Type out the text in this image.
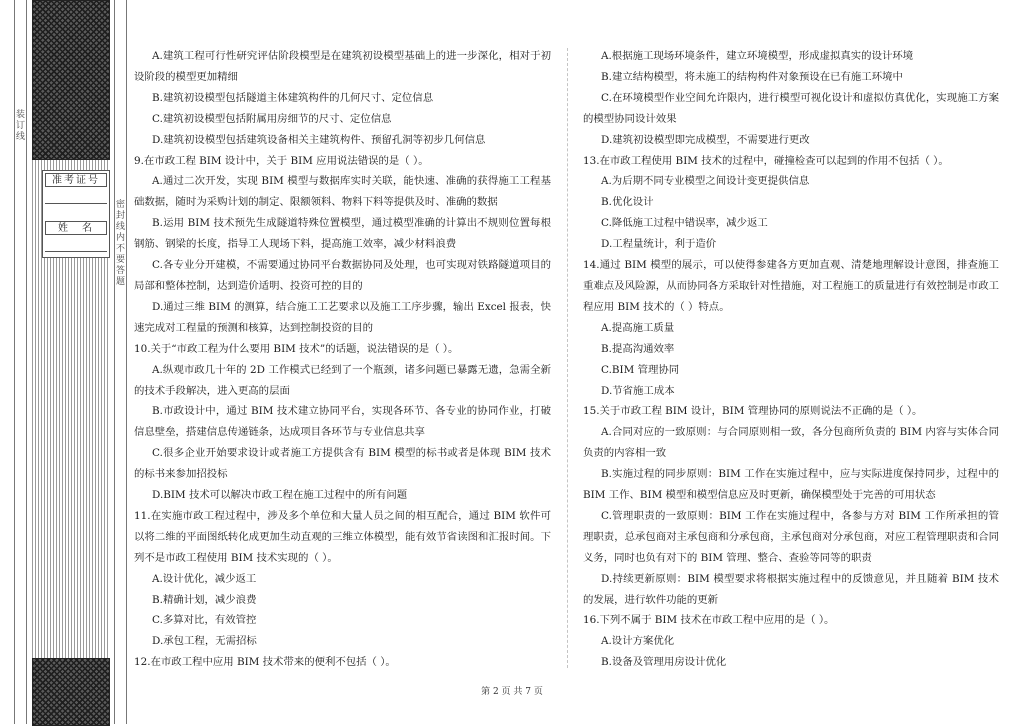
装 订 线
准考证号
姓　名
密 封 线 内 不 要 答 题

A.建筑工程可行性研究评估阶段模型是在建筑初设模型基础上的进一步深化，相对于初设阶段的模型更加精细

B.建筑初设模型包括隧道主体建筑构件的几何尺寸、定位信息

C.建筑初设模型包括附属用房细节的尺寸、定位信息

D.建筑初设模型包括建筑设备相关主建筑构件、预留孔洞等初步几何信息

9.在市政工程 BIM 设计中，关于 BIM 应用说法错误的是（ ）。

A.通过二次开发，实现 BIM 模型与数据库实时关联，能快速、准确的获得施工工程基础数据，随时为采购计划的制定、限额领料、物料下料等提供及时、准确的数据

B.运用 BIM 技术预先生成隧道特殊位置模型，通过模型准确的计算出不规则位置每根钢筋、钢梁的长度，指导工人现场下料，提高施工效率，减少材料浪费

C.各专业分开建模，不需要通过协同平台数据协同及处理，也可实现对铁路隧道项目的局部和整体控制，达到造价适明、投资可控的目的

D.通过三维 BIM 的测算，结合施工工艺要求以及施工工序步骤，输出 Excel 报表，快速完成对工程量的预测和核算，达到控制投资的目的

10.关于“市政工程为什么要用 BIM 技术”的话题，说法错误的是（ ）。

A.纵观市政几十年的 2D 工作模式已经到了一个瓶颈，诸多问题已暴露无遗，急需全新的技术手段解决，进入更高的层面

B.市政设计中，通过 BIM 技术建立协同平台，实现各环节、各专业的协同作业，打破信息壁垒，搭建信息传递链条，达成项目各环节与专业信息共享

C.很多企业开始要求设计或者施工方提供含有 BIM 模型的标书或者是体现 BIM 技术的标书来参加招投标

D.BIM 技术可以解决市政工程在施工过程中的所有问题

11.在实施市政工程过程中，涉及多个单位和大量人员之间的相互配合，通过 BIM 软件可以将二维的平面图纸转化成更加生动直观的三维立体模型，能有效节省读图和汇报时间。下列不是市政工程使用 BIM 技术实现的（ ）。

A.设计优化，减少返工

B.精确计划，减少浪费

C.多算对比，有效管控

D.承包工程，无需招标

12.在市政工程中应用 BIM 技术带来的便利不包括（ ）。

A.根据施工现场环境条件，建立环境模型，形成虚拟真实的设计环境

B.建立结构模型，将未施工的结构构件对象预设在已有施工环境中

C.在环境模型作业空间允许限内，进行模型可视化设计和虚拟仿真优化，实现施工方案的模型协同设计效果

D.建筑初设模型即完成模型，不需要进行更改

13.在市政工程使用 BIM 技术的过程中，碰撞检查可以起到的作用不包括（ ）。

A.为后期不同专业模型之间设计变更提供信息

B.优化设计

C.降低施工过程中错误率，减少返工

D.工程量统计，利于造价

14.通过 BIM 模型的展示，可以使得参建各方更加直观、清楚地理解设计意图，排查施工重难点及风险源，从而协同各方采取针对性措施，对工程施工的质量进行有效控制是市政工程应用 BIM 技术的（ ）特点。

A.提高施工质量

B.提高沟通效率

C.BIM 管理协同

D.节省施工成本

15.关于市政工程 BIM 设计，BIM 管理协同的原则说法不正确的是（ ）。

A.合同对应的一致原则：与合同原则相一致，各分包商所负责的 BIM 内容与实体合同负责的内容相一致

B.实施过程的同步原则：BIM 工作在实施过程中，应与实际进度保持同步，过程中的 BIM 工作、BIM 模型和模型信息应及时更新，确保模型处于完善的可用状态

C.管理职责的一致原则：BIM 工作在实施过程中，各参与方对 BIM 工作所承担的管理职责，总承包商对主承包商和分承包商，主承包商对分承包商，对应工程管理职责和合同义务，同时也负有对下的 BIM 管理、整合、查验等同等的职责

D.持续更新原则：BIM 模型要求将根据实施过程中的反馈意见，并且随着 BIM 技术的发展，进行软件功能的更新

16.下列不属于 BIM 技术在市政工程中应用的是（ ）。

A.设计方案优化

B.设备及管理用房设计优化

第 2 页 共 7 页
